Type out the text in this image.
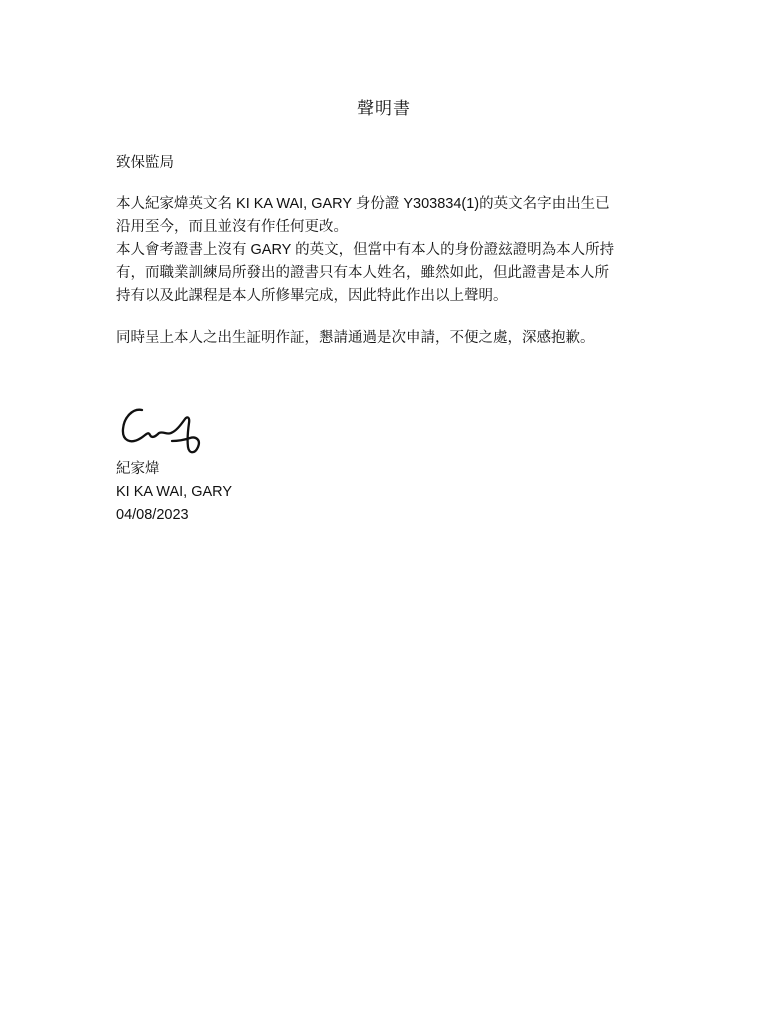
聲明書
致保監局
本人紀家煒英文名 KI KA WAI, GARY 身份證 Y303834(1)的英文名字由出生已
沿用至今，而且並沒有作任何更改。
本人會考證書上沒有 GARY 的英文，但當中有本人的身份證玆證明為本人所持
有，而職業訓練局所發出的證書只有本人姓名，雖然如此，但此證書是本人所
持有以及此課程是本人所修畢完成，因此特此作出以上聲明。
同時呈上本人之出生証明作証，懇請通過是次申請，不便之處，深感抱歉。
紀家煒
KI KA WAI, GARY
04/08/2023
